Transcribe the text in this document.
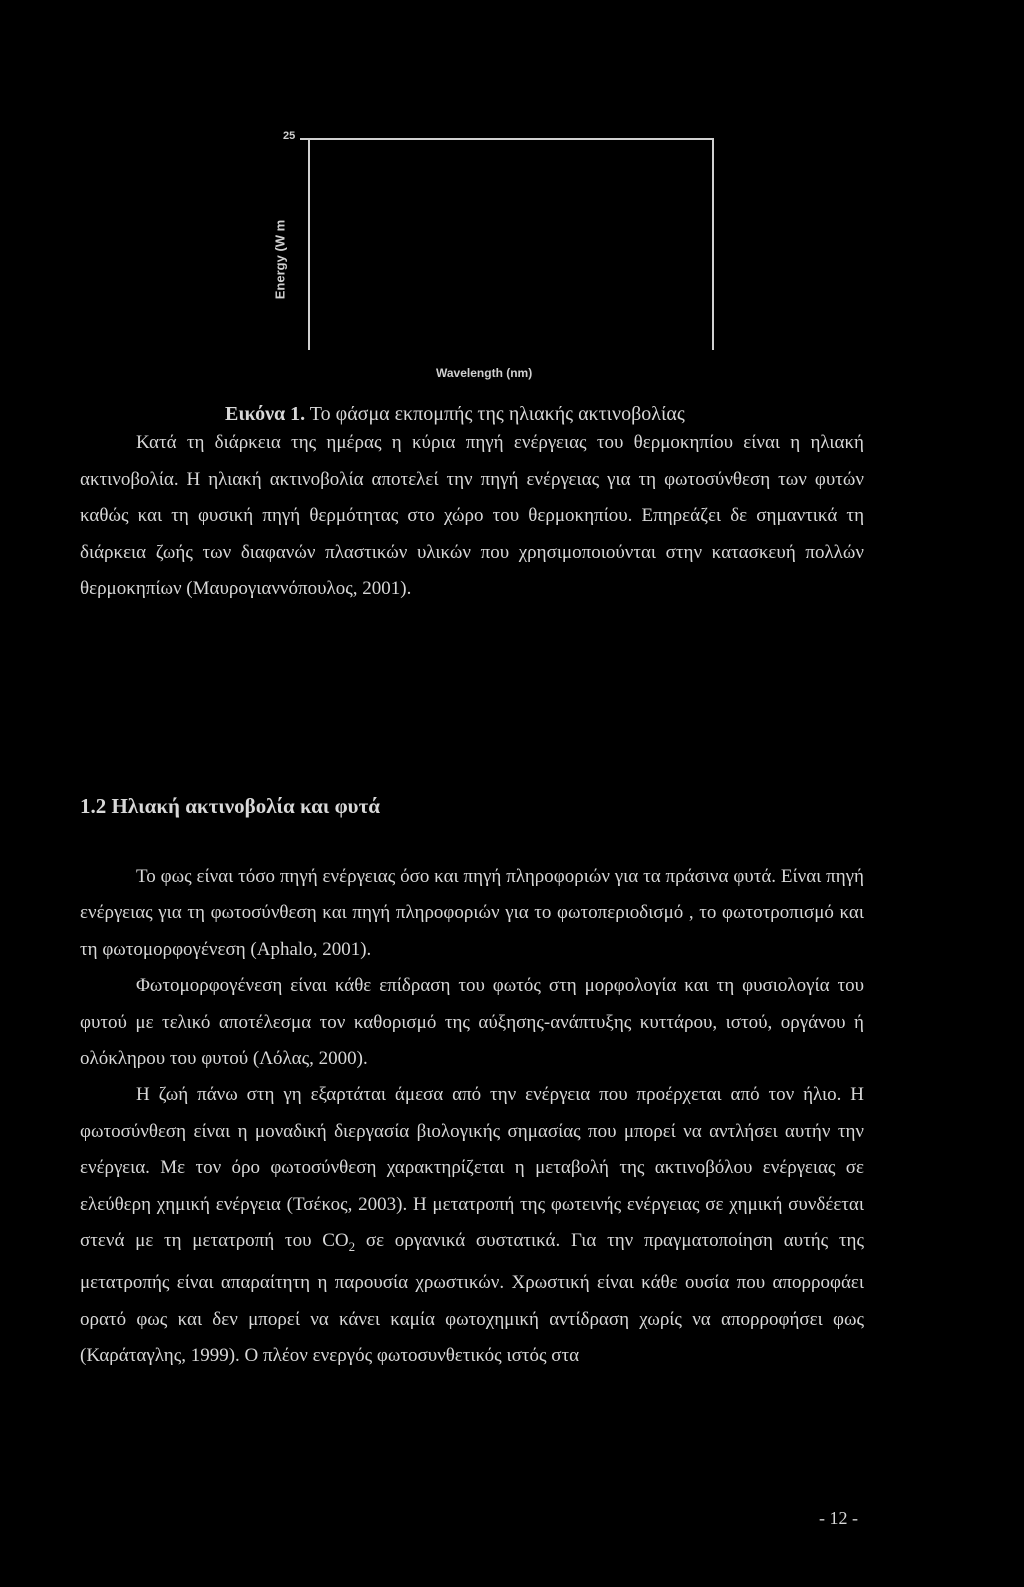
25
Energy (W m
Wavelength (nm)
Εικόνα 1. Το φάσμα εκπομπής της ηλιακής ακτινοβολίας

Κατά τη διάρκεια της ημέρας η κύρια πηγή ενέργειας του θερμοκηπίου είναι η ηλιακή ακτινοβολία. Η ηλιακή ακτινοβολία αποτελεί την πηγή ενέργειας για τη φωτοσύνθεση των φυτών καθώς και τη φυσική πηγή θερμότητας στο χώρο του θερμοκηπίου. Επηρεάζει δε σημαντικά τη διάρκεια ζωής των διαφανών πλαστικών υλικών που χρησιμοποιούνται στην κατασκευή πολλών θερμοκηπίων (Μαυρογιαννόπουλος, 2001).

1.2 Ηλιακή ακτινοβολία και φυτά

Το φως είναι τόσο πηγή ενέργειας όσο και πηγή πληροφοριών για τα πράσινα φυτά. Είναι πηγή ενέργειας για τη φωτοσύνθεση και πηγή πληροφοριών για το φωτοπεριοδισμό , το φωτοτροπισμό και τη φωτομορφογένεση (Aphalo, 2001).

Φωτομορφογένεση είναι κάθε επίδραση του φωτός στη μορφολογία και τη φυσιολογία του φυτού με τελικό αποτέλεσμα τον καθορισμό της αύξησης-ανάπτυξης κυττάρου, ιστού, οργάνου ή ολόκληρου του φυτού (Λόλας, 2000).

Η ζωή πάνω στη γη εξαρτάται άμεσα από την ενέργεια που προέρχεται από τον ήλιο. Η φωτοσύνθεση είναι η μοναδική διεργασία βιολογικής σημασίας που μπορεί να αντλήσει αυτήν την ενέργεια. Με τον όρο φωτοσύνθεση χαρακτηρίζεται η μεταβολή της ακτινοβόλου ενέργειας σε ελεύθερη χημική ενέργεια (Τσέκος, 2003). Η μετατροπή της φωτεινής ενέργειας σε χημική συνδέεται στενά με τη μετατροπή του $CO_2$ σε οργανικά συστατικά. Για την πραγματοποίηση αυτής της μετατροπής είναι απαραίτητη η παρουσία χρωστικών. Χρωστική είναι κάθε ουσία που απορροφάει ορατό φως και δεν μπορεί να κάνει καμία φωτοχημική αντίδραση χωρίς να απορροφήσει φως (Καράταγλης, 1999). Ο πλέον ενεργός φωτοσυνθετικός ιστός στα

- 12 -
